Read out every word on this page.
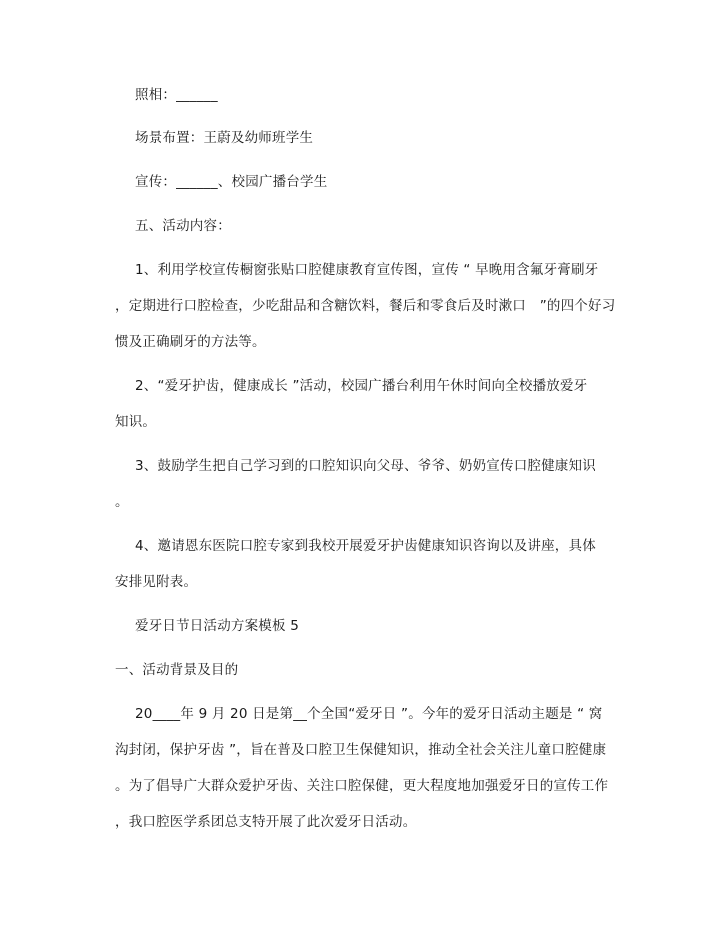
照相：______
场景布置：王蔚及幼师班学生
宣传：______、校园广播台学生
五、活动内容：
1、利用学校宣传橱窗张贴口腔健康教育宣传图，宣传 “ 早晚用含氟牙膏刷牙
，定期进行口腔检查，少吃甜品和含糖饮料，餐后和零食后及时漱口　”的四个好习
惯及正确刷牙的方法等。
2、“爱牙护齿，健康成长 ”活动，校园广播台利用午休时间向全校播放爱牙
知识。
3、鼓励学生把自己学习到的口腔知识向父母、爷爷、奶奶宣传口腔健康知识
。
4、邀请恩东医院口腔专家到我校开展爱牙护齿健康知识咨询以及讲座，具体
安排见附表。
爱牙日节日活动方案模板 5
一、活动背景及目的
20____年 9 月 20 日是第__个全国“爱牙日 ”。今年的爱牙日活动主题是 “ 窝
沟封闭，保护牙齿 ”，旨在普及口腔卫生保健知识，推动全社会关注儿童口腔健康
。为了倡导广大群众爱护牙齿、关注口腔保健，更大程度地加强爱牙日的宣传工作
，我口腔医学系团总支特开展了此次爱牙日活动。
